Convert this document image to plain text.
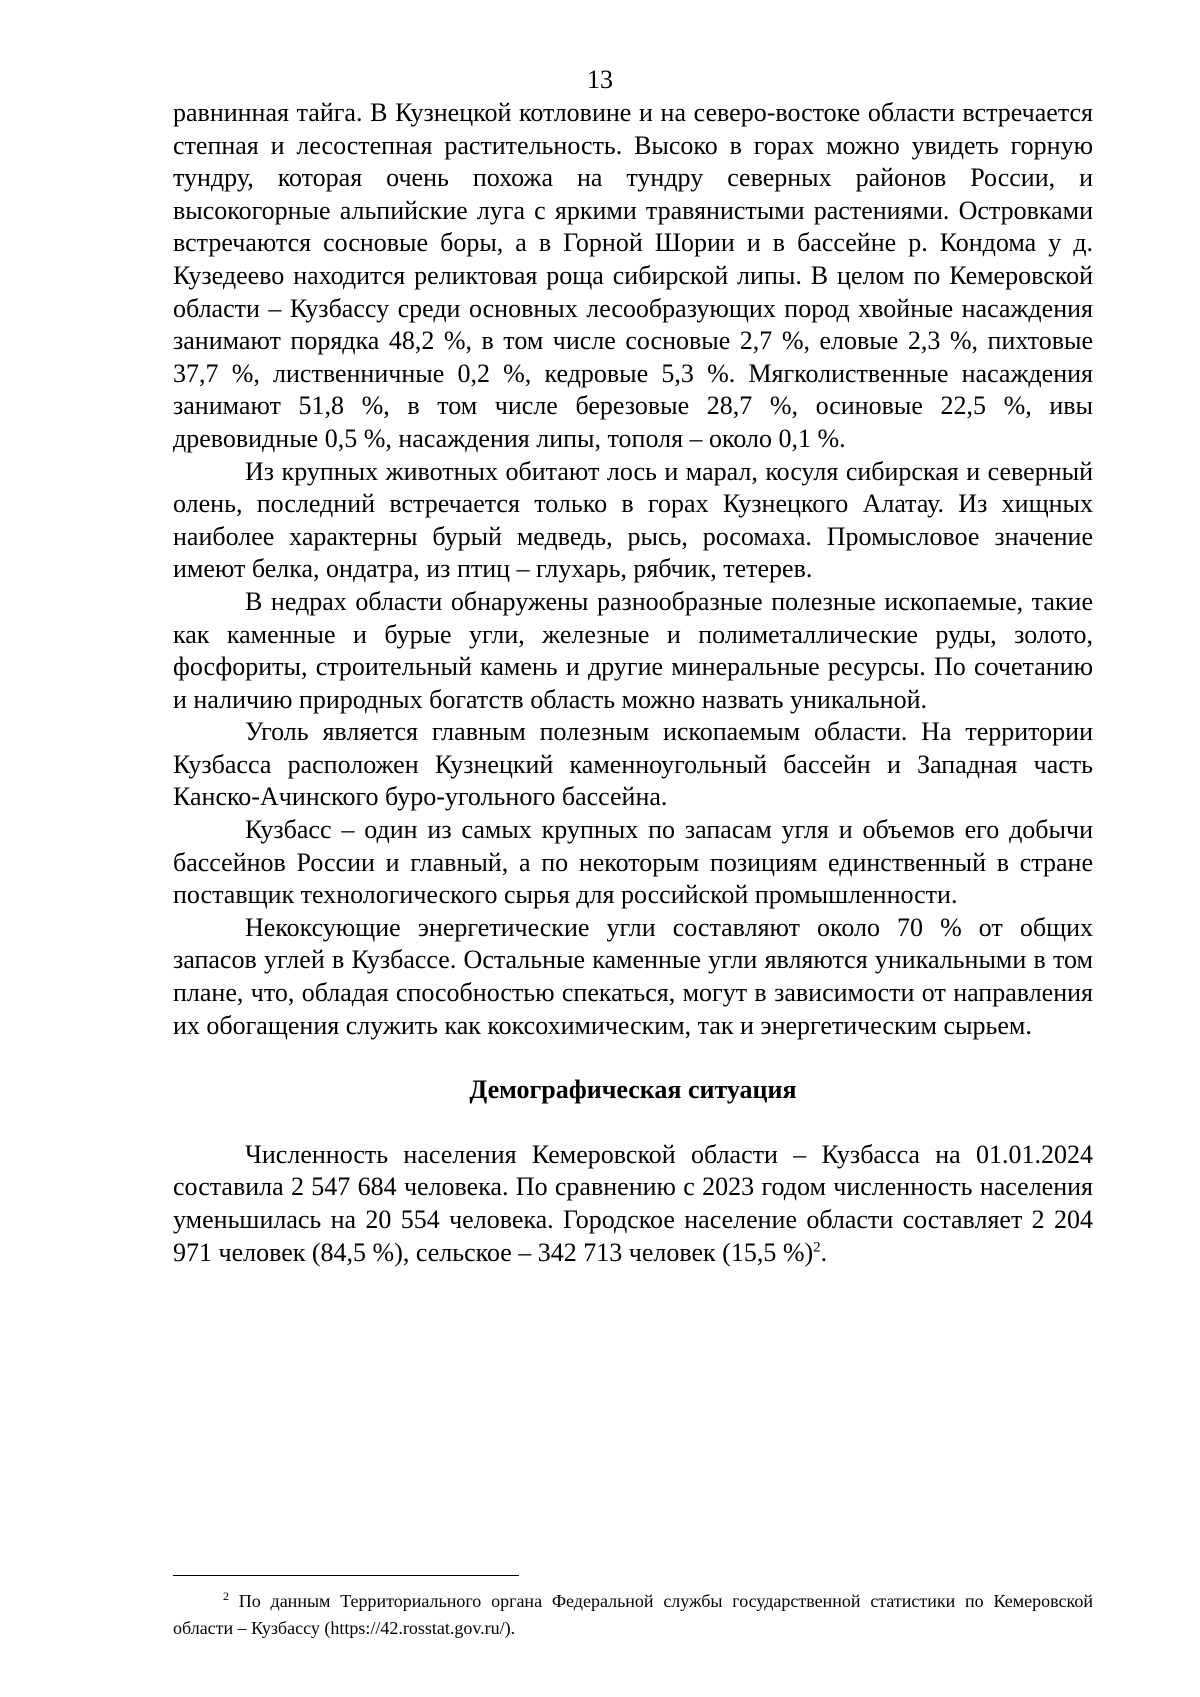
13

равнинная тайга. В Кузнецкой котловине и на северо-востоке области встречается степная и лесостепная растительность. Высоко в горах можно увидеть горную тундру, которая очень похожа на тундру северных районов России, и высокогорные альпийские луга с яркими травянистыми растениями. Островками встречаются сосновые боры, а в Горной Шории и в бассейне р. Кондома у д. Кузедеево находится реликтовая роща сибирской липы. В целом по Кемеровской области – Кузбассу среди основных лесообразующих пород хвойные насаждения занимают порядка 48,2 %, в том числе сосновые 2,7 %, еловые 2,3 %, пихтовые 37,7 %, лиственничные 0,2 %, кедровые 5,3 %. Мягколиственные насаждения занимают 51,8 %, в том числе березовые 28,7 %, осиновые 22,5 %, ивы древовидные 0,5 %, насаждения липы, тополя – около 0,1 %.

Из крупных животных обитают лось и марал, косуля сибирская и северный олень, последний встречается только в горах Кузнецкого Алатау. Из хищных наиболее характерны бурый медведь, рысь, росомаха. Промысловое значение имеют белка, ондатра, из птиц – глухарь, рябчик, тетерев.

В недрах области обнаружены разнообразные полезные ископаемые, такие как каменные и бурые угли, железные и полиметаллические руды, золото, фосфориты, строительный камень и другие минеральные ресурсы. По сочетанию и наличию природных богатств область можно назвать уникальной.

Уголь является главным полезным ископаемым области. На территории Кузбасса расположен Кузнецкий каменноугольный бассейн и Западная часть Канско-Ачинского буро-угольного бассейна.

Кузбасс – один из самых крупных по запасам угля и объемов его добычи бассейнов России и главный, а по некоторым позициям единственный в стране поставщик технологического сырья для российской промышленности.

Некоксующие энергетические угли составляют около 70 % от общих запасов углей в Кузбассе. Остальные каменные угли являются уникальными в том плане, что, обладая способностью спекаться, могут в зависимости от направления их обогащения служить как коксохимическим, так и энергетическим сырьем.

Демографическая ситуация

Численность населения Кемеровской области – Кузбасса на 01.01.2024 составила 2 547 684 человека. По сравнению с 2023 годом численность населения уменьшилась на 20 554 человека. Городское население области составляет 2 204 971 человек (84,5 %), сельское – 342 713 человек (15,5 %)$^2$.

$^2$ По данным Территориального органа Федеральной службы государственной статистики по Кемеровской области – Кузбассу (https://42.rosstat.gov.ru/).
